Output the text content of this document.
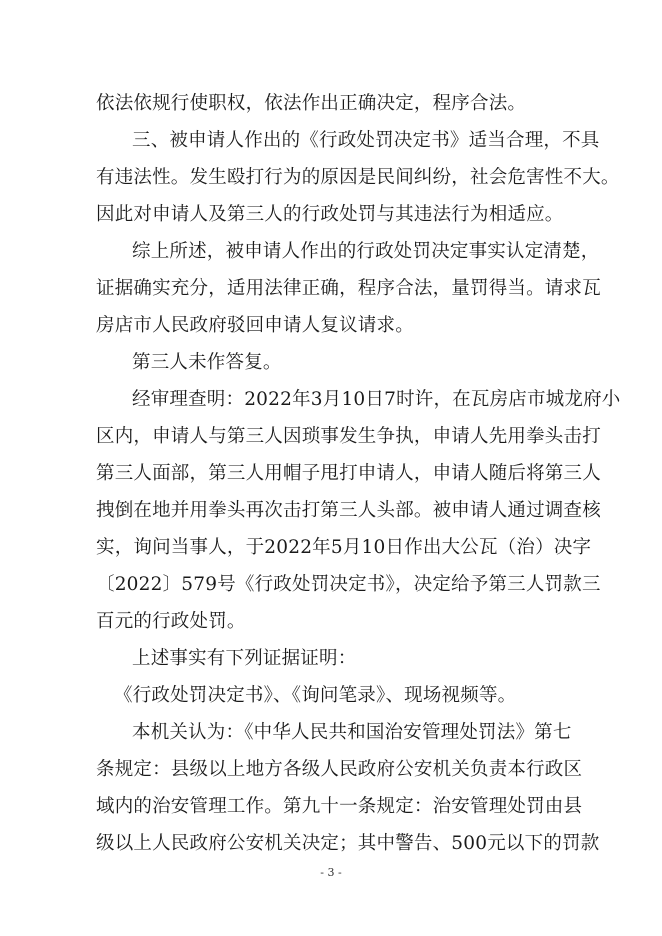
依法依规行使职权，依法作出正确决定，程序合法。
三、被申请人作出的《行政处罚决定书》适当合理，不具
有违法性。发生殴打行为的原因是民间纠纷，社会危害性不大。
因此对申请人及第三人的行政处罚与其违法行为相适应。
综上所述，被申请人作出的行政处罚决定事实认定清楚，
证据确实充分，适用法律正确，程序合法，量罚得当。请求瓦
房店市人民政府驳回申请人复议请求。
第三人未作答复。
经审理查明：2022年3月10日7时许，在瓦房店市城龙府小
区内，申请人与第三人因琐事发生争执，申请人先用拳头击打
第三人面部，第三人用帽子甩打申请人，申请人随后将第三人
拽倒在地并用拳头再次击打第三人头部。被申请人通过调查核
实，询问当事人，于2022年5月10日作出大公瓦（治）决字
〔2022〕579号《行政处罚决定书》，决定给予第三人罚款三
百元的行政处罚。
上述事实有下列证据证明：
《行政处罚决定书》、《询问笔录》、现场视频等。
本机关认为：《中华人民共和国治安管理处罚法》第七
条规定：县级以上地方各级人民政府公安机关负责本行政区
域内的治安管理工作。第九十一条规定：治安管理处罚由县
级以上人民政府公安机关决定；其中警告、500元以下的罚款
- 3 -
